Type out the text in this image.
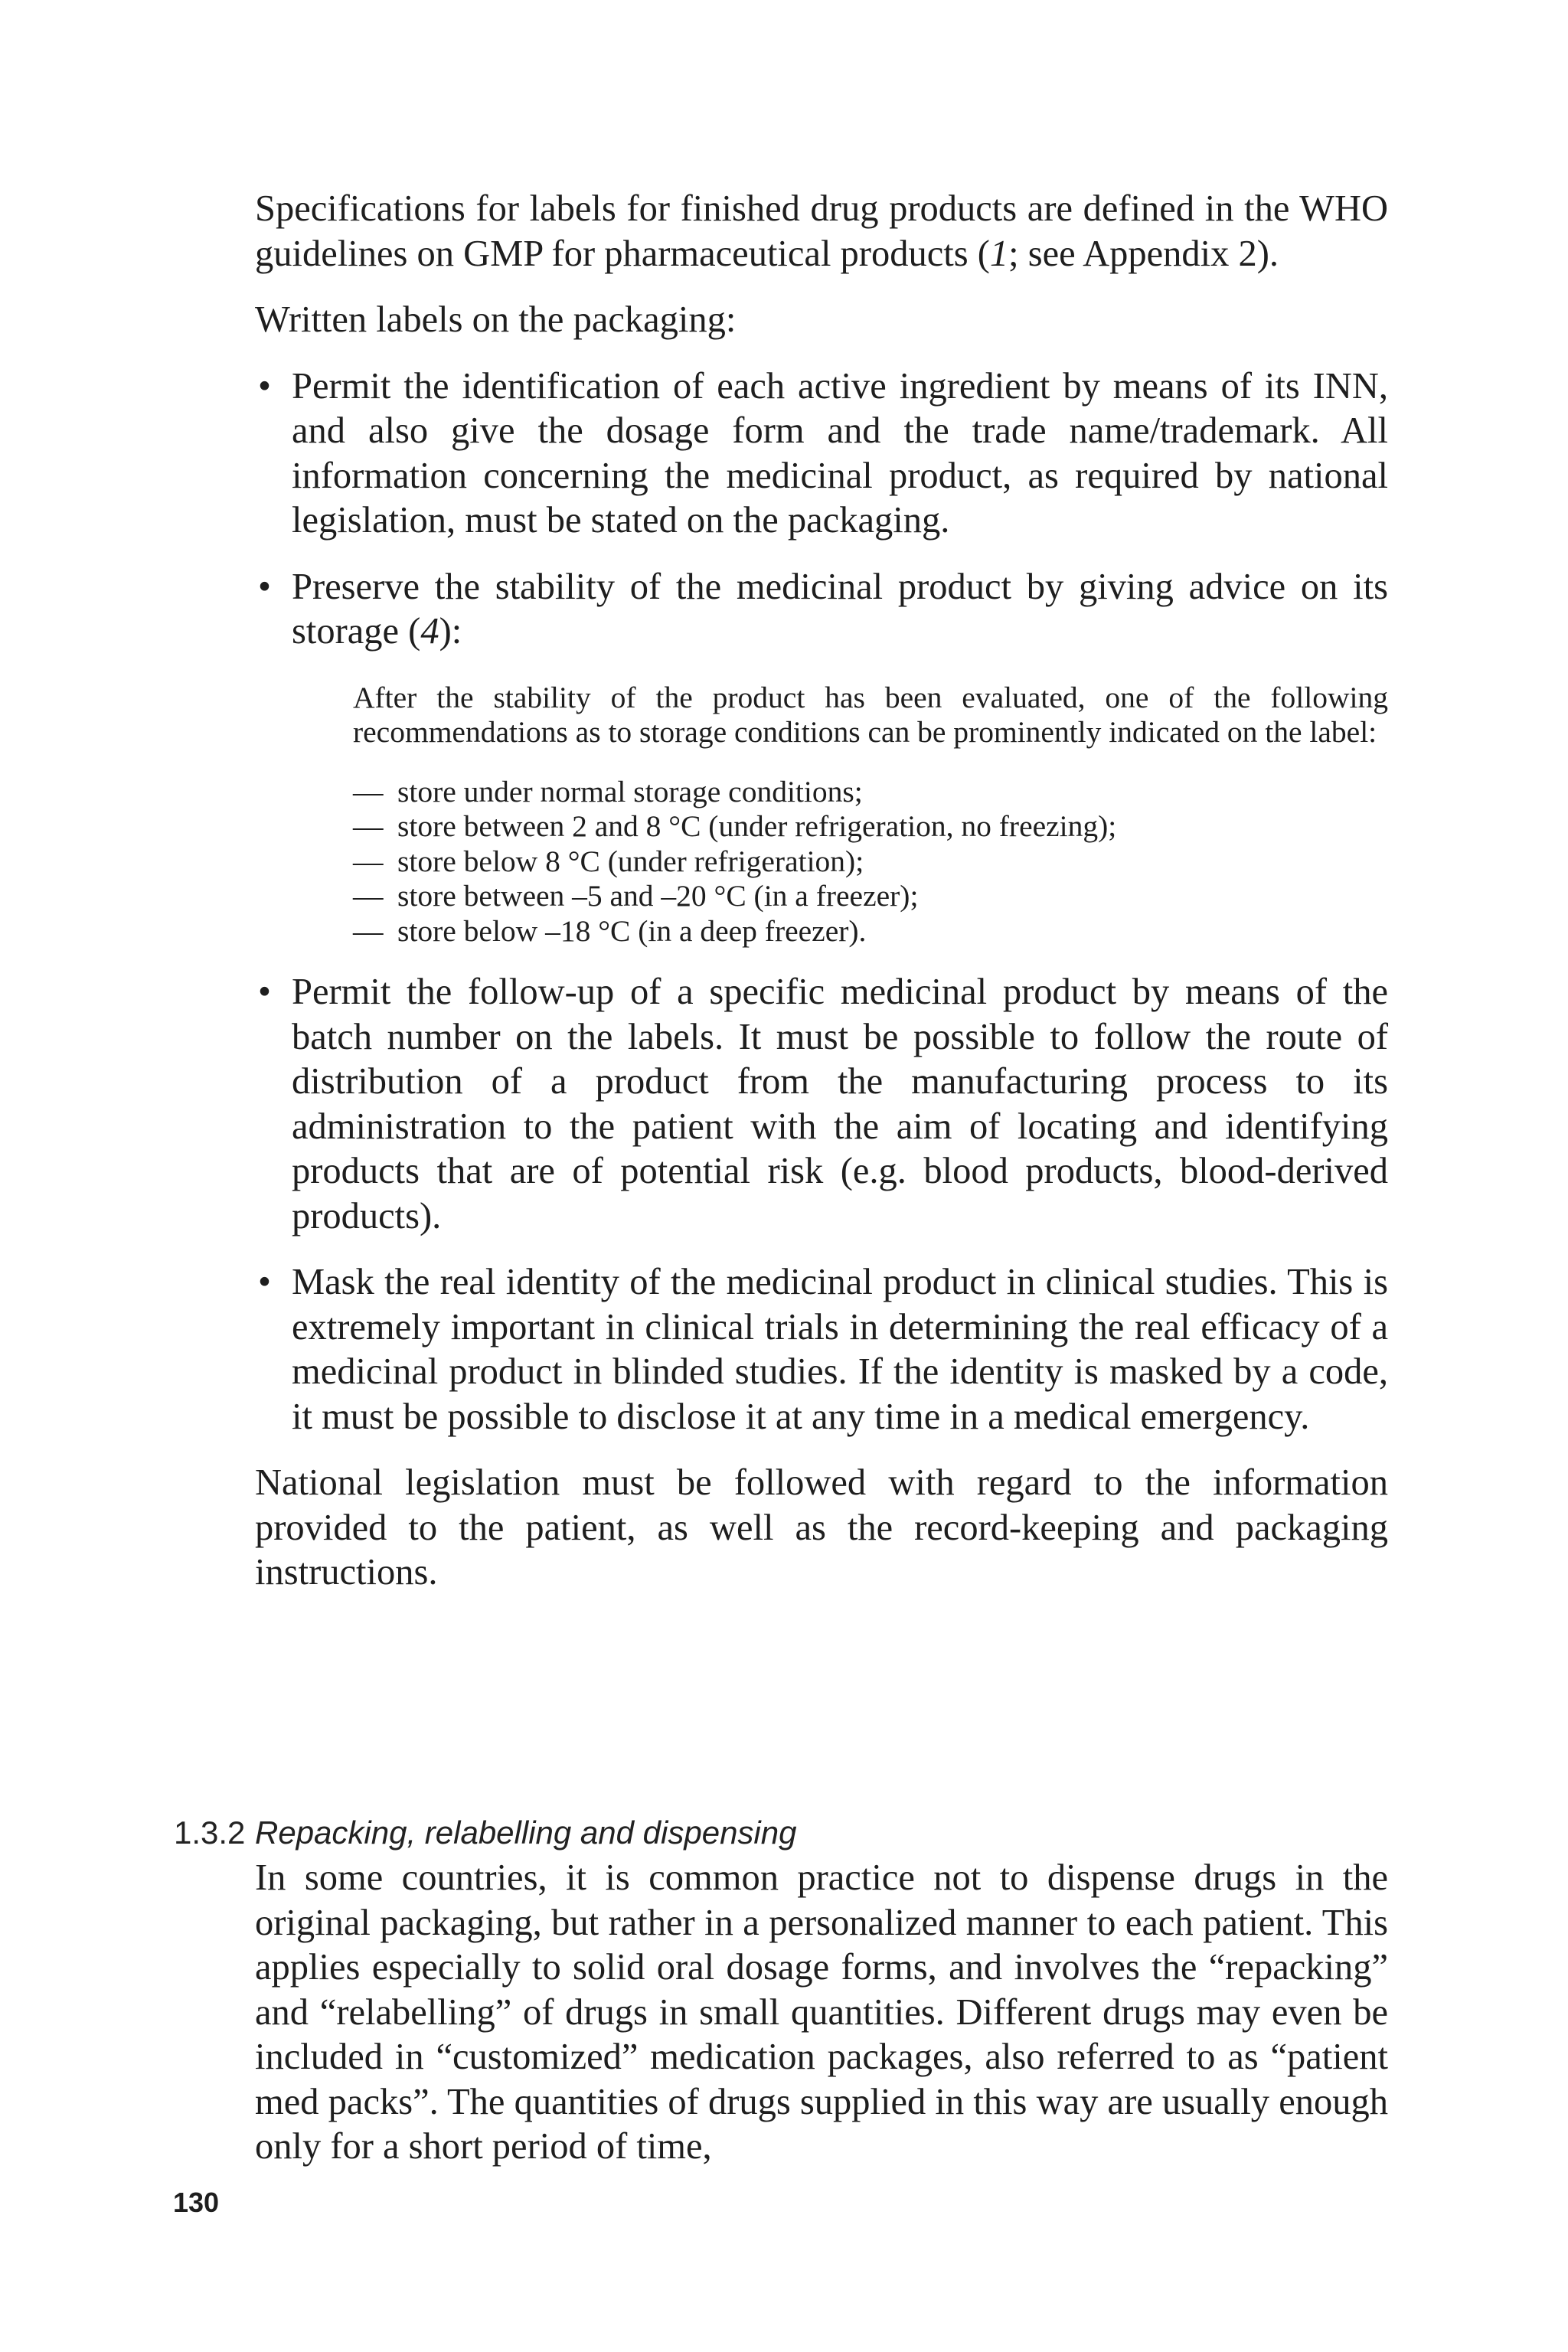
Specifications for labels for finished drug products are defined in the WHO guidelines on GMP for pharmaceutical products (1; see Appendix 2).

Written labels on the packaging:

• Permit the identification of each active ingredient by means of its INN, and also give the dosage form and the trade name/trademark. All information concerning the medicinal product, as required by national legislation, must be stated on the packaging.
• Preserve the stability of the medicinal product by giving advice on its storage (4):

After the stability of the product has been evaluated, one of the following recommendations as to storage conditions can be prominently indicated on the label:

— store under normal storage conditions;
— store between 2 and 8 °C (under refrigeration, no freezing);
— store below 8 °C (under refrigeration);
— store between –5 and –20 °C (in a freezer);
— store below –18 °C (in a deep freezer).
• Permit the follow-up of a specific medicinal product by means of the batch number on the labels. It must be possible to follow the route of distribution of a product from the manufacturing process to its administration to the patient with the aim of locating and identifying products that are of potential risk (e.g. blood products, blood-derived products).
• Mask the real identity of the medicinal product in clinical studies. This is extremely important in clinical trials in determining the real efficacy of a medicinal product in blinded studies. If the identity is masked by a code, it must be possible to disclose it at any time in a medical emergency.

National legislation must be followed with regard to the information provided to the patient, as well as the record-keeping and packaging instructions.

1.3.2 Repacking, relabelling and dispensing

In some countries, it is common practice not to dispense drugs in the original packaging, but rather in a personalized manner to each patient. This applies especially to solid oral dosage forms, and involves the “repacking” and “relabelling” of drugs in small quantities. Different drugs may even be included in “customized” medication packages, also referred to as “patient med packs”. The quantities of drugs supplied in this way are usually enough only for a short period of time,

130
